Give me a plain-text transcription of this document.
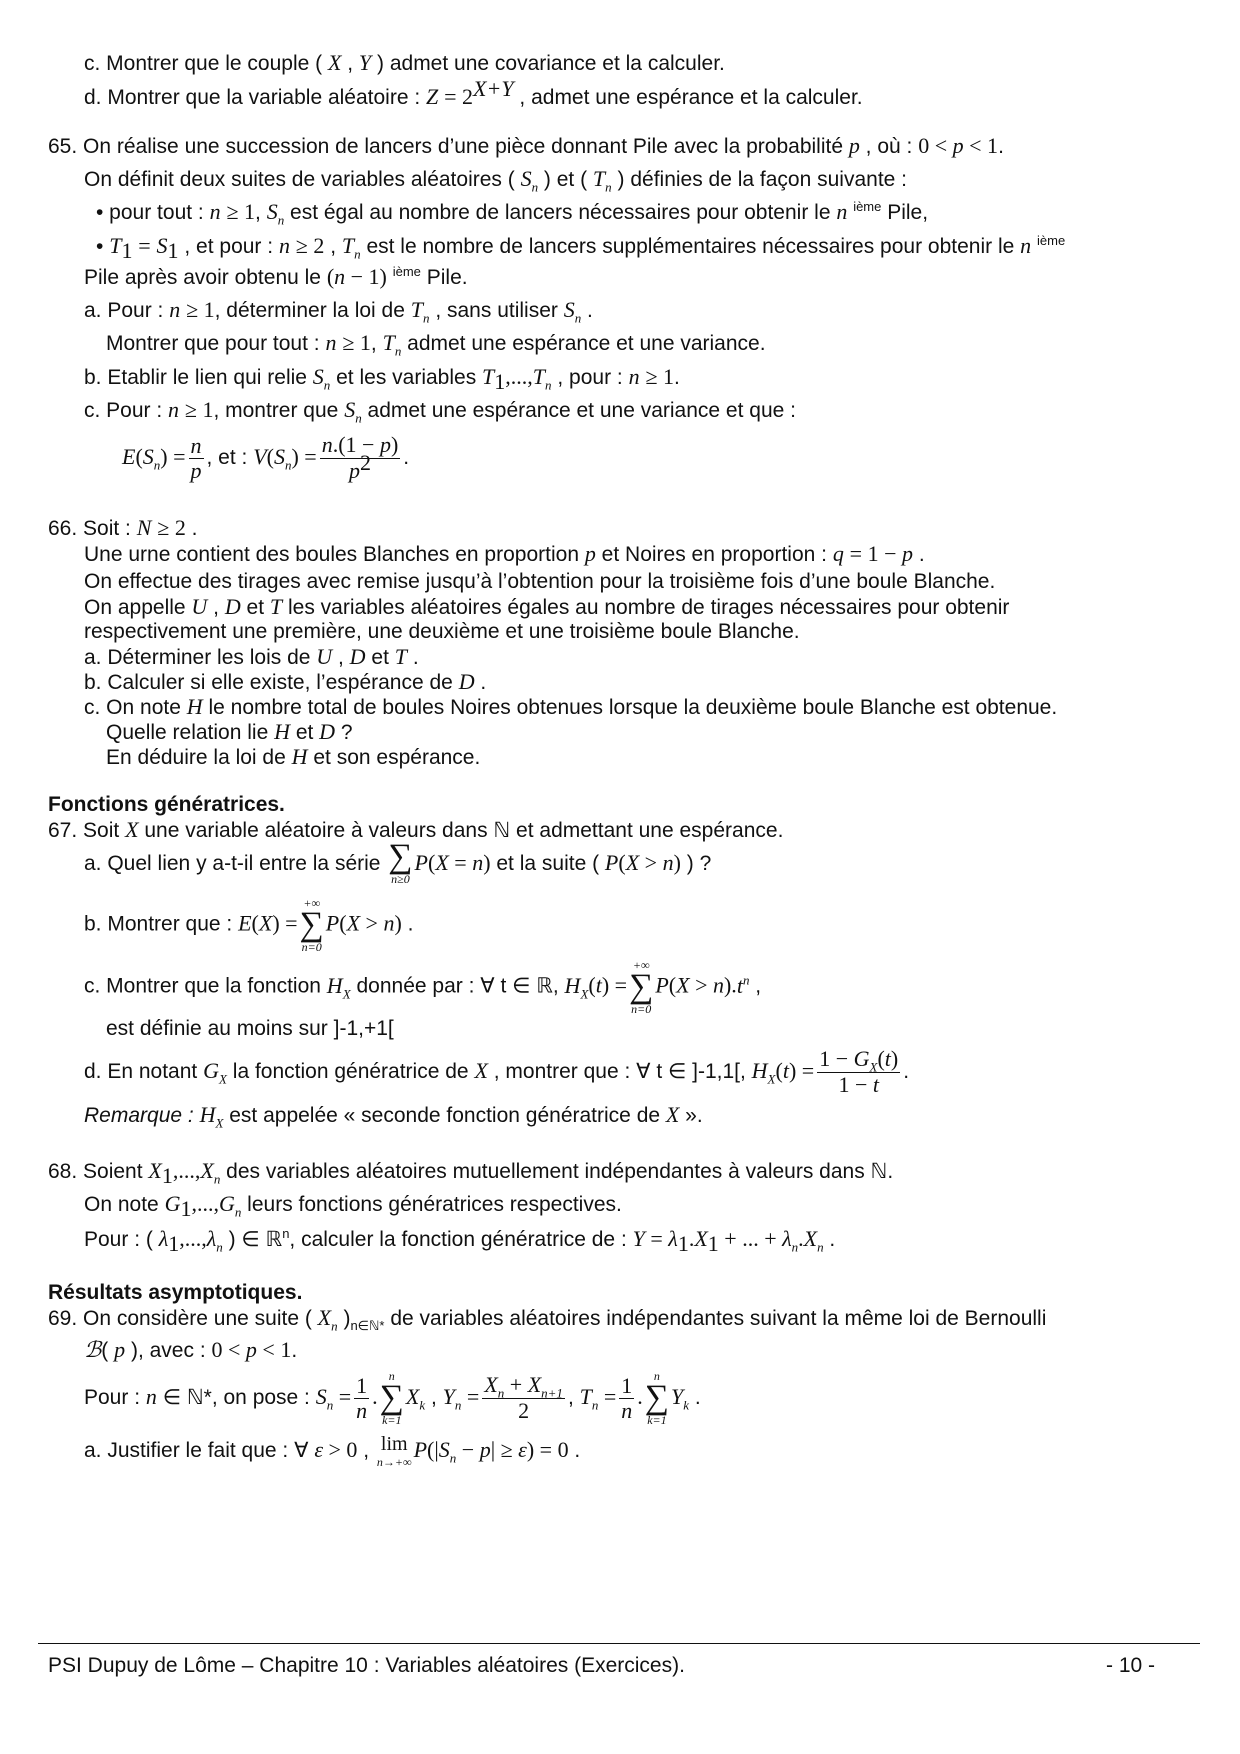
c. Montrer que le couple ( X , Y ) admet une covariance et la calculer.
d. Montrer que la variable aléatoire : $Z = 2^{X+Y}$ , admet une espérance et la calculer.
65. On réalise une succession de lancers d’une pièce donnant Pile avec la probabilité p , où : 0 < p < 1.
On définit deux suites de variables aléatoires ( $S_n$ ) et ( $T_n$ ) définies de la façon suivante :
• pour tout : n ≥ 1, $S_n$ est égal au nombre de lancers nécessaires pour obtenir le n $^{ième}$ Pile,
• $T_1 = S_1$ , et pour : n ≥ 2 , $T_n$ est le nombre de lancers supplémentaires nécessaires pour obtenir le n $^{ième}$
Pile après avoir obtenu le (n − 1) $^{ième}$ Pile.
a. Pour : n ≥ 1, déterminer la loi de $T_n$ , sans utiliser $S_n$ .
Montrer que pour tout : n ≥ 1, $T_n$ admet une espérance et une variance.
b. Etablir le lien qui relie $S_n$ et les variables $T_1,...,T_n$ , pour : n ≥ 1.
c. Pour : n ≥ 1, montrer que $S_n$ admet une espérance et une variance et que :
$E(S_n) = \frac{n}{p}$ , et : $V(S_n) = \frac{n.(1 - p)}{p^2}$ .
66. Soit : N ≥ 2 .
Une urne contient des boules Blanches en proportion p et Noires en proportion : q = 1 − p .
On effectue des tirages avec remise jusqu’à l’obtention pour la troisième fois d’une boule Blanche.
On appelle U , D et T les variables aléatoires égales au nombre de tirages nécessaires pour obtenir
respectivement une première, une deuxième et une troisième boule Blanche.
a. Déterminer les lois de U , D et T .
b. Calculer si elle existe, l’espérance de D .
c. On note H le nombre total de boules Noires obtenues lorsque la deuxième boule Blanche est obtenue.
Quelle relation lie H et D ?
En déduire la loi de H et son espérance.
Fonctions génératrices.
67. Soit X une variable aléatoire à valeurs dans ℕ et admettant une espérance.
a. Quel lien y a-t-il entre la série ∑
n≥0
P(X = n) et la suite ( P(X > n) ) ?
b. Montrer que : E(X) =
+∞
∑
n=0
P(X > n) .
c. Montrer que la fonction $H_X$ donnée par : ∀ t ∈ ℝ, $H_X(t)$ =
+∞
∑
n=0
$P(X > n).t^n$ ,
est définie au moins sur ]-1,+1[
d. En notant $G_X$ la fonction génératrice de X , montrer que : ∀ t ∈ ]-1,1[, $H_X(t) = \frac{1 - G_X(t)}{1 - t}$ .
Remarque : $H_X$ est appelée « seconde fonction génératrice de X ».
68. Soient $X_1,...,X_n$ des variables aléatoires mutuellement indépendantes à valeurs dans ℕ.
On note $G_1,...,G_n$ leurs fonctions génératrices respectives.
Pour : ( $\lambda_1,...,\lambda_n$ ) ∈ ℝ$^n$, calculer la fonction génératrice de : $Y = \lambda_1.X_1$ + ... + $\lambda_n.X_n$ .
Résultats asymptotiques.
69. On considère une suite ( $X_n$ )$_{n\in ℕ*}$ de variables aléatoires indépendantes suivant la même loi de Bernoulli
ℬ( p ), avec : 0 < p < 1.
Pour : n ∈ ℕ*, on pose : $S_n = \frac{1}{n}$ .
n
∑
k=1
$X_k$ , $Y_n = \frac{X_n + X_{n+1}}{2}$ , $T_n = \frac{1}{n}$ .
n
∑
k=1
$Y_k$ .
a. Justifier le fait que : ∀ ε > 0 , lim
n→+∞
$P(|S_n - p| \ge \varepsilon) = 0$ .
PSI Dupuy de Lôme – Chapitre 10 : Variables aléatoires (Exercices).	- 10 -
